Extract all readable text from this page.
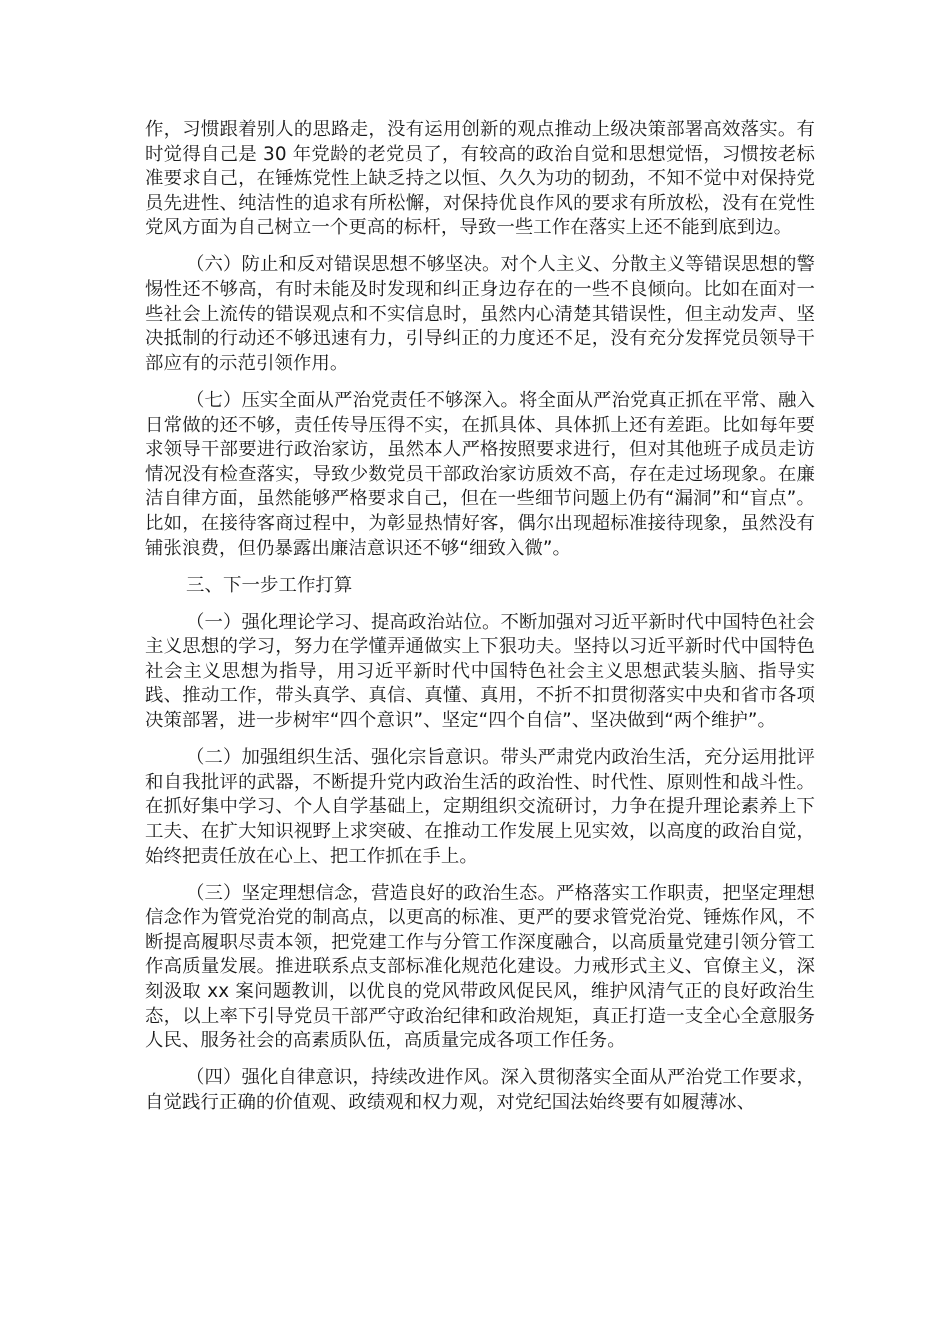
作，习惯跟着别人的思路走，没有运用创新的观点推动上级决策部署高效落实。有时觉得自己是 30 年党龄的老党员了，有较高的政治自觉和思想觉悟，习惯按老标准要求自己，在锤炼党性上缺乏持之以恒、久久为功的韧劲，不知不觉中对保持党员先进性、纯洁性的追求有所松懈，对保持优良作风的要求有所放松，没有在党性党风方面为自己树立一个更高的标杆，导致一些工作在落实上还不能到底到边。

（六）防止和反对错误思想不够坚决。对个人主义、分散主义等错误思想的警惕性还不够高，有时未能及时发现和纠正身边存在的一些不良倾向。比如在面对一些社会上流传的错误观点和不实信息时，虽然内心清楚其错误性，但主动发声、坚决抵制的行动还不够迅速有力，引导纠正的力度还不足，没有充分发挥党员领导干部应有的示范引领作用。

（七）压实全面从严治党责任不够深入。将全面从严治党真正抓在平常、融入日常做的还不够，责任传导压得不实，在抓具体、具体抓上还有差距。比如每年要求领导干部要进行政治家访，虽然本人严格按照要求进行，但对其他班子成员走访情况没有检查落实，导致少数党员干部政治家访质效不高，存在走过场现象。在廉洁自律方面，虽然能够严格要求自己，但在一些细节问题上仍有“漏洞”和“盲点”。比如，在接待客商过程中，为彰显热情好客，偶尔出现超标准接待现象，虽然没有铺张浪费，但仍暴露出廉洁意识还不够“细致入微”。

三、下一步工作打算

（一）强化理论学习、提高政治站位。不断加强对习近平新时代中国特色社会主义思想的学习，努力在学懂弄通做实上下狠功夫。坚持以习近平新时代中国特色社会主义思想为指导，用习近平新时代中国特色社会主义思想武装头脑、指导实践、推动工作，带头真学、真信、真懂、真用，不折不扣贯彻落实中央和省市各项决策部署，进一步树牢“四个意识”、坚定“四个自信”、坚决做到“两个维护”。

（二）加强组织生活、强化宗旨意识。带头严肃党内政治生活，充分运用批评和自我批评的武器，不断提升党内政治生活的政治性、时代性、原则性和战斗性。在抓好集中学习、个人自学基础上，定期组织交流研讨，力争在提升理论素养上下工夫、在扩大知识视野上求突破、在推动工作发展上见实效，以高度的政治自觉，始终把责任放在心上、把工作抓在手上。

（三）坚定理想信念，营造良好的政治生态。严格落实工作职责，把坚定理想信念作为管党治党的制高点，以更高的标准、更严的要求管党治党、锤炼作风，不断提高履职尽责本领，把党建工作与分管工作深度融合，以高质量党建引领分管工作高质量发展。推进联系点支部标准化规范化建设。力戒形式主义、官僚主义，深刻汲取 xx 案问题教训，以优良的党风带政风促民风，维护风清气正的良好政治生态，以上率下引导党员干部严守政治纪律和政治规矩，真正打造一支全心全意服务人民、服务社会的高素质队伍，高质量完成各项工作任务。

（四）强化自律意识，持续改进作风。深入贯彻落实全面从严治党工作要求，自觉践行正确的价值观、政绩观和权力观，对党纪国法始终要有如履薄冰、
